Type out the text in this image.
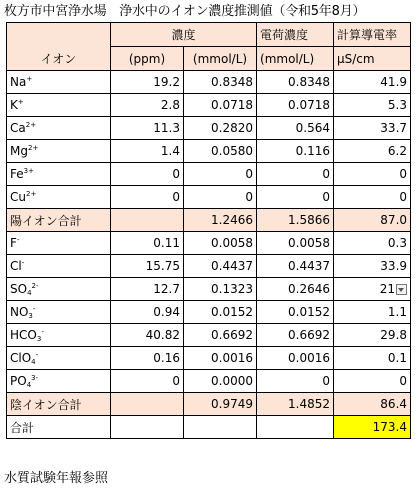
枚方市中宮浄水場　浄水中のイオン濃度推測値（令和5年8月）
イオン	濃度		電荷濃度	計算導電率
	(ppm)	(mmol/L)	(mmol/L)	μS/cm
Na+	19.2	0.8348	0.8348	41.9
K+	2.8	0.0718	0.0718	5.3
$Ca^{2+}$	11.3	0.2820	0.564	33.7
$Mg^{2+}$	1.4	0.0580	0.116	6.2
$Fe^{3+}$	0	0	0	0
$Cu^{2+}$	0	0	0	0
陽イオン合計		1.2466	1.5866	87.0
F-	0.11	0.0058	0.0058	0.3
Cl-	15.75	0.4437	0.4437	33.9
$SO_4^{2-}$	12.7	0.1323	0.2646	21
$NO_3^-$	0.94	0.0152	0.0152	1.1
$HCO_3^-$	40.82	0.6692	0.6692	29.8
ClO$_4$-	0.16	0.0016	0.0016	0.1
$PO_4^{3-}$	0	0.0000	0	0
陰イオン合計		0.9749	1.4852	86.4
合計				173.4
水質試験年報参照
